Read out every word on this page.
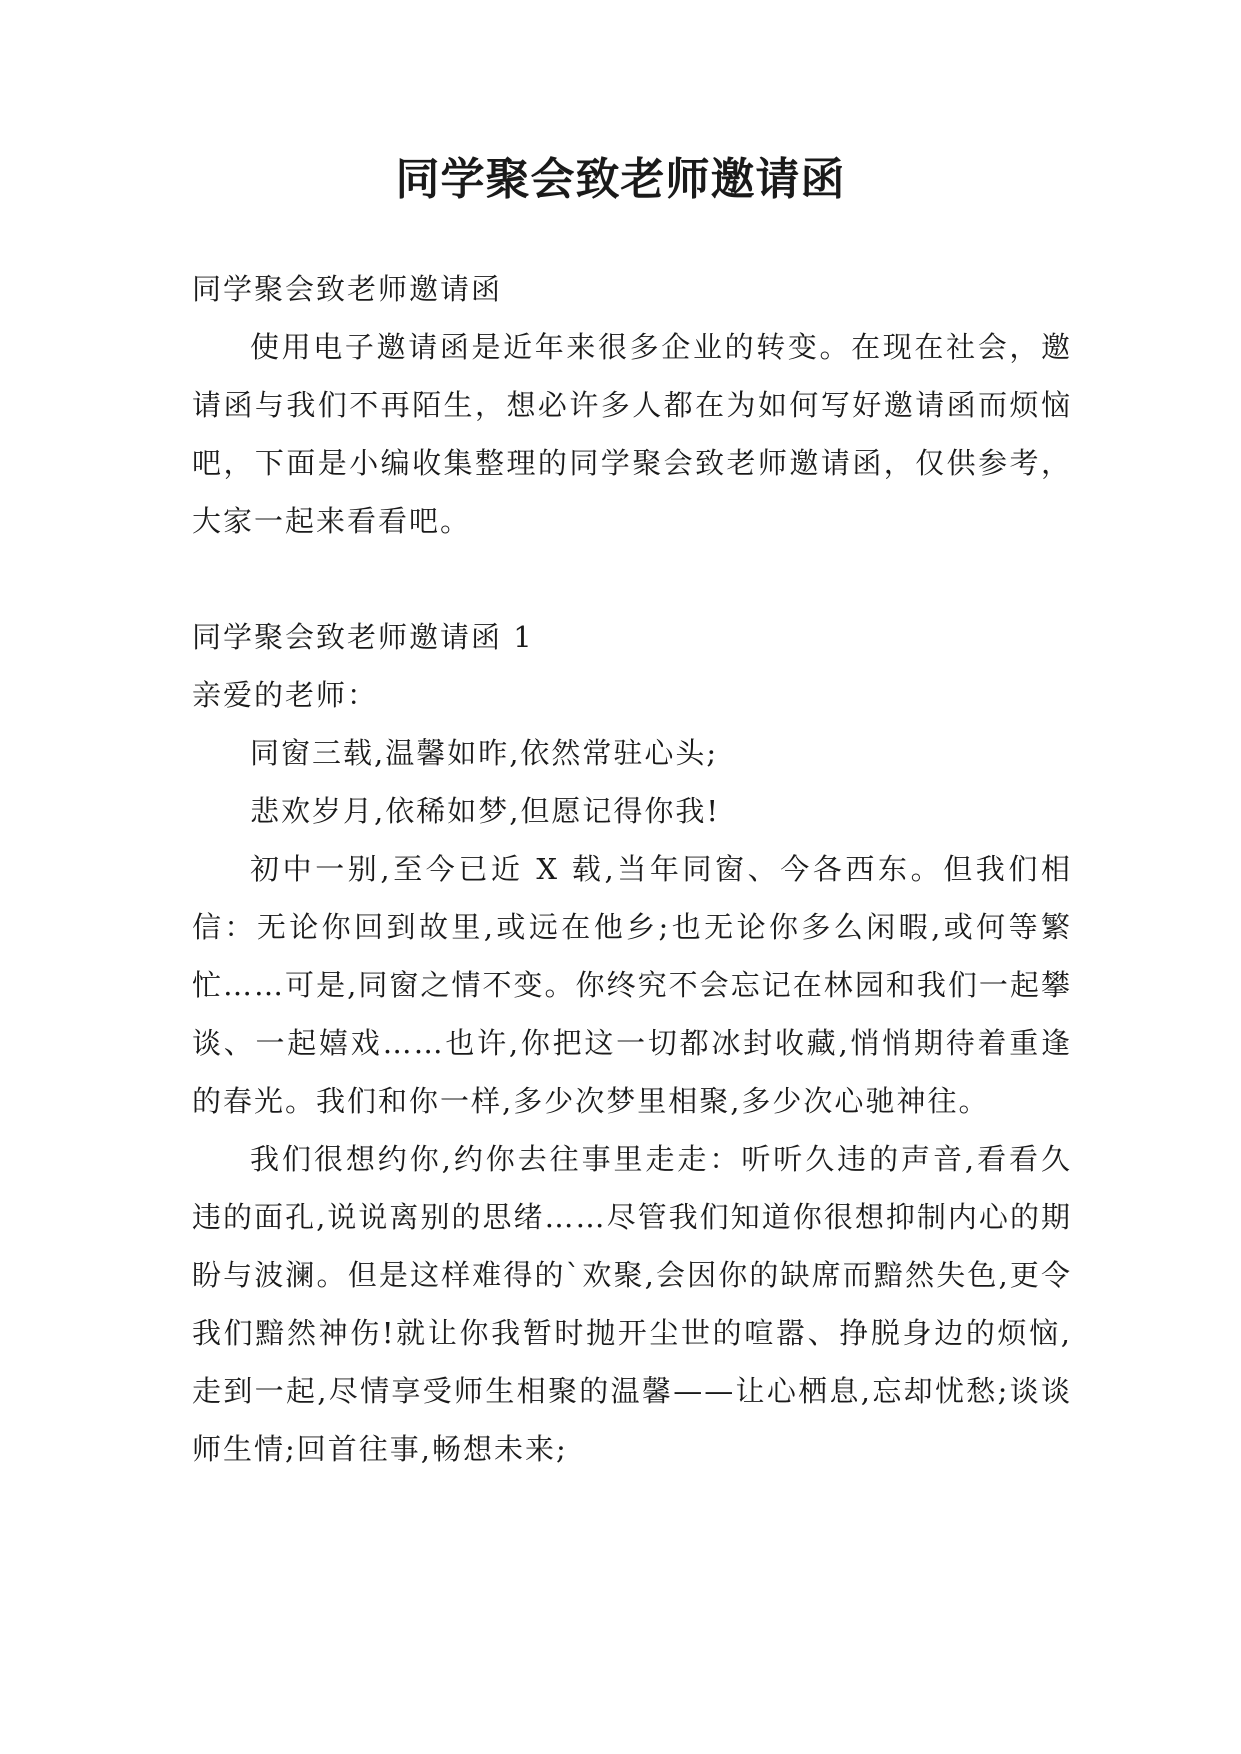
同学聚会致老师邀请函

同学聚会致老师邀请函

使用电子邀请函是近年来很多企业的转变。在现在社会，邀请函与我们不再陌生，想必许多人都在为如何写好邀请函而烦恼吧，下面是小编收集整理的同学聚会致老师邀请函，仅供参考，大家一起来看看吧。

同学聚会致老师邀请函 1

亲爱的老师：

同窗三载,温馨如昨,依然常驻心头;

悲欢岁月,依稀如梦,但愿记得你我!

初中一别,至今已近 X 载,当年同窗、今各西东。但我们相信：无论你回到故里,或远在他乡;也无论你多么闲暇,或何等繁忙……可是,同窗之情不变。你终究不会忘记在林园和我们一起攀谈、一起嬉戏……也许,你把这一切都冰封收藏,悄悄期待着重逢的春光。我们和你一样,多少次梦里相聚,多少次心驰神往。

我们很想约你,约你去往事里走走：听听久违的声音,看看久违的面孔,说说离别的思绪……尽管我们知道你很想抑制内心的期盼与波澜。但是这样难得的`欢聚,会因你的缺席而黯然失色,更令我们黯然神伤!就让你我暂时抛开尘世的喧嚣、挣脱身边的烦恼,走到一起,尽情享受师生相聚的温馨——让心栖息,忘却忧愁;谈谈师生情;回首往事,畅想未来;
